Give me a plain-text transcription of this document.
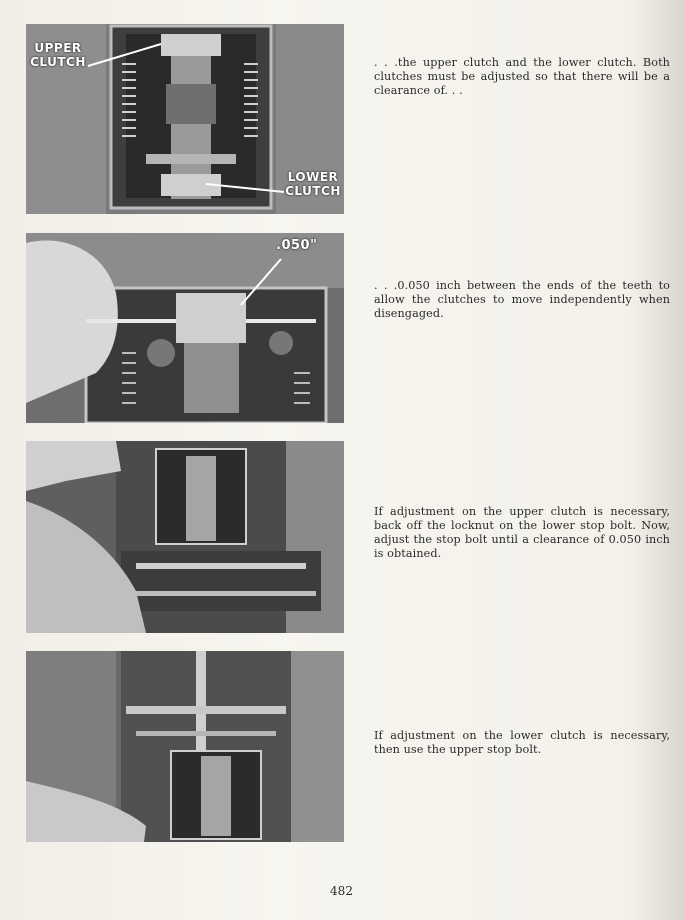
UPPER
CLUTCH
LOWER
CLUTCH
.050"
. . .the upper clutch and the lower clutch. Both clutches must be adjusted so that there will be a clearance of. . .
. . .0.050 inch between the ends of the teeth to allow the clutches to move independently when disengaged.
If adjustment on the upper clutch is necessary, back off the locknut on the lower stop bolt. Now, adjust the stop bolt until a clearance of 0.050 inch is obtained.
If adjustment on the lower clutch is necessary, then use the upper stop bolt.
482
